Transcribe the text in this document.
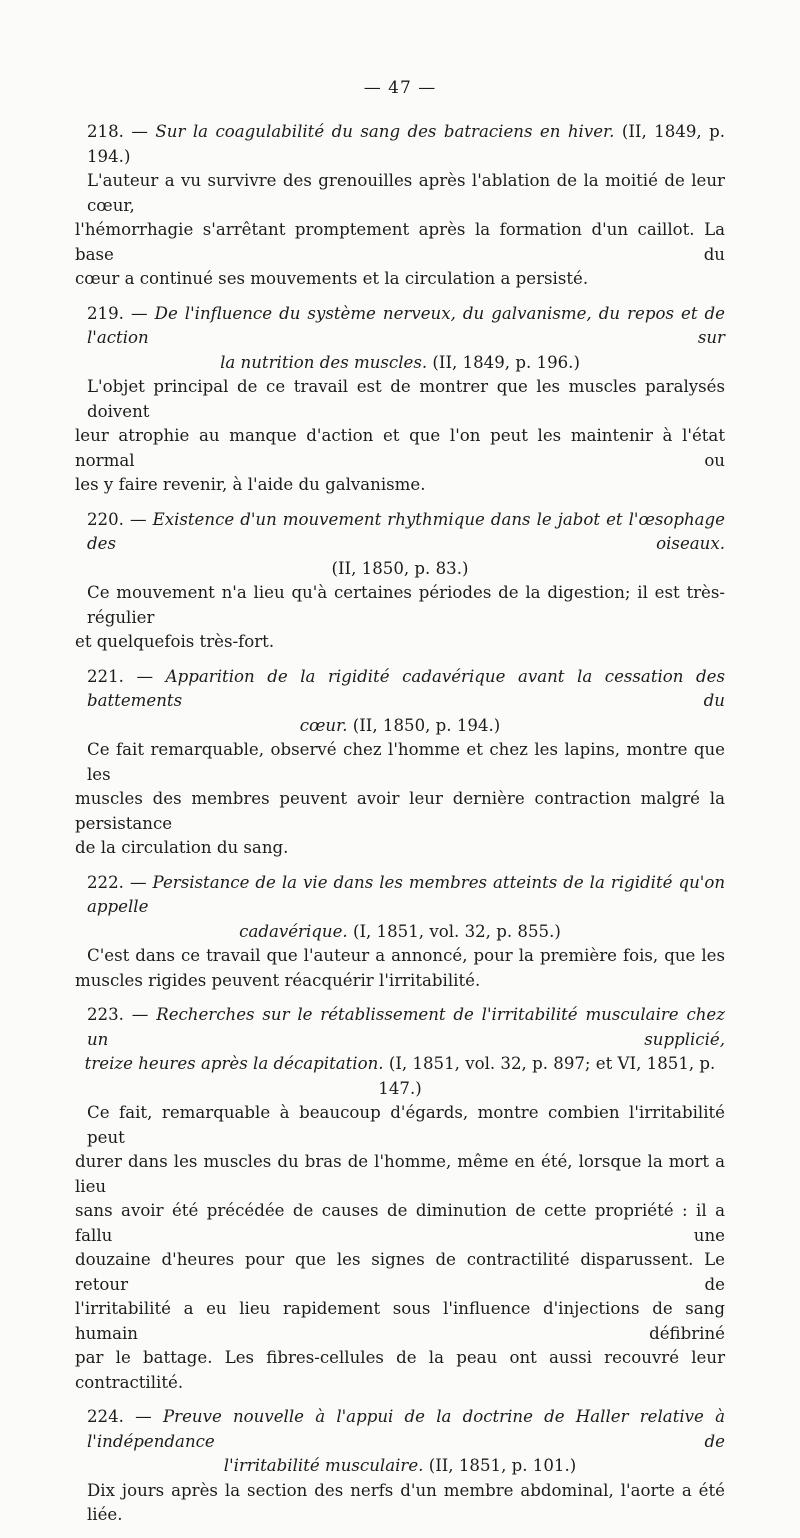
— 47 —
218. — Sur la coagulabilité du sang des batraciens en hiver. (II, 1849, p. 194.)
L'auteur a vu survivre des grenouilles après l'ablation de la moitié de leur cœur,
l'hémorrhagie s'arrêtant promptement après la formation d'un caillot. La base du
cœur a continué ses mouvements et la circulation a persisté.
219. — De l'influence du système nerveux, du galvanisme, du repos et de l'action sur
la nutrition des muscles. (II, 1849, p. 196.)
L'objet principal de ce travail est de montrer que les muscles paralysés doivent
leur atrophie au manque d'action et que l'on peut les maintenir à l'état normal ou
les y faire revenir, à l'aide du galvanisme.
220. — Existence d'un mouvement rhythmique dans le jabot et l'œsophage des oiseaux.
(II, 1850, p. 83.)
Ce mouvement n'a lieu qu'à certaines périodes de la digestion; il est très-régulier
et quelquefois très-fort.
221. — Apparition de la rigidité cadavérique avant la cessation des battements du
cœur. (II, 1850, p. 194.)
Ce fait remarquable, observé chez l'homme et chez les lapins, montre que les
muscles des membres peuvent avoir leur dernière contraction malgré la persistance
de la circulation du sang.
222. — Persistance de la vie dans les membres atteints de la rigidité qu'on appelle
cadavérique. (I, 1851, vol. 32, p. 855.)
C'est dans ce travail que l'auteur a annoncé, pour la première fois, que les
muscles rigides peuvent réacquérir l'irritabilité.
223. — Recherches sur le rétablissement de l'irritabilité musculaire chez un supplicié,
treize heures après la décapitation. (I, 1851, vol. 32, p. 897; et VI, 1851, p. 147.)
Ce fait, remarquable à beaucoup d'égards, montre combien l'irritabilité peut
durer dans les muscles du bras de l'homme, même en été, lorsque la mort a lieu
sans avoir été précédée de causes de diminution de cette propriété : il a fallu une
douzaine d'heures pour que les signes de contractilité disparussent. Le retour de
l'irritabilité a eu lieu rapidement sous l'influence d'injections de sang humain défibriné
par le battage. Les fibres-cellules de la peau ont aussi recouvré leur contractilité.
224. — Preuve nouvelle à l'appui de la doctrine de Haller relative à l'indépendance de
l'irritabilité musculaire. (II, 1851, p. 101.)
Dix jours après la section des nerfs d'un membre abdominal, l'aorte a été liée.
